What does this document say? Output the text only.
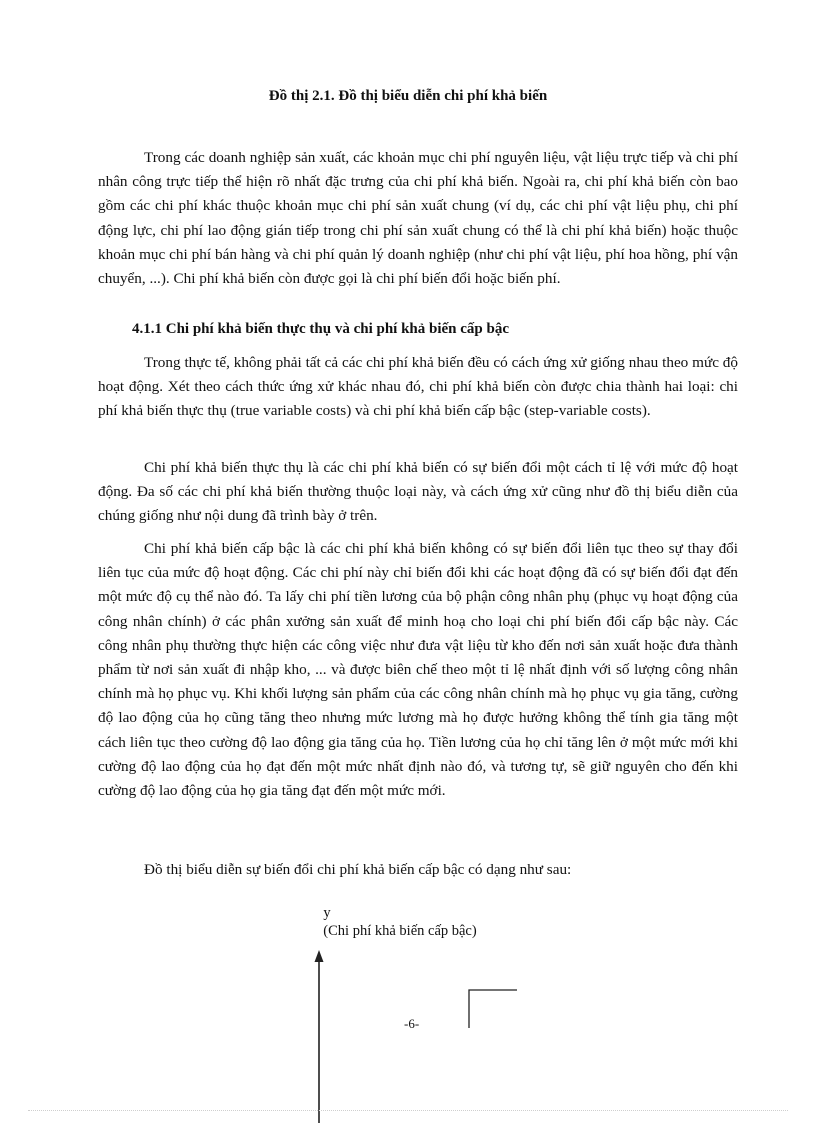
Đồ thị 2.1. Đồ thị biểu diễn chi phí khả biến

Trong các doanh nghiệp sản xuất, các khoản mục chi phí nguyên liệu, vật liệu trực tiếp và chi phí nhân công trực tiếp thể hiện rõ nhất đặc trưng của chi phí khả biến. Ngoài ra, chi phí khả biến còn bao gồm các chi phí khác thuộc khoản mục chi phí sản xuất chung (ví dụ, các chi phí vật liệu phụ, chi phí động lực, chi phí lao động gián tiếp trong chi phí sản xuất chung có thể là chi phí khả biến) hoặc thuộc khoản mục chi phí bán hàng và chi phí quản lý doanh nghiệp (như chi phí vật liệu, phí hoa hồng, phí vận chuyển, ...). Chi phí khả biến còn được gọi là chi phí biến đổi hoặc biến phí.

4.1.1 Chi phí khả biến thực thụ và chi phí khả biến cấp bậc

Trong thực tế, không phải tất cả các chi phí khả biến đều có cách ứng xử giống nhau theo mức độ hoạt động. Xét theo cách thức ứng xử khác nhau đó, chi phí khả biến còn được chia thành hai loại: chi phí khả biến thực thụ (true variable costs) và chi phí khả biến cấp bậc (step-variable costs).

Chi phí khả biến thực thụ là các chi phí khả biến có sự biến đổi một cách tỉ lệ với mức độ hoạt động. Đa số các chi phí khả biến thường thuộc loại này, và cách ứng xử cũng như đồ thị biểu diễn của chúng giống như nội dung đã trình bày ở trên.

Chi phí khả biến cấp bậc là các chi phí khả biến không có sự biến đổi liên tục theo sự thay đổi liên tục của mức độ hoạt động. Các chi phí này chỉ biến đổi khi các hoạt động đã có sự biến đổi đạt đến một mức độ cụ thể nào đó. Ta lấy chi phí tiền lương của bộ phận công nhân phụ (phục vụ hoạt động của công nhân chính) ở các phân xưởng sản xuất để minh hoạ cho loại chi phí biến đổi cấp bậc này. Các công nhân phụ thường thực hiện các công việc như đưa vật liệu từ kho đến nơi sản xuất hoặc đưa thành phẩm từ nơi sản xuất đi nhập kho, ... và được biên chế theo một tỉ lệ nhất định với số lượng công nhân chính mà họ phục vụ. Khi khối lượng sản phẩm của các công nhân chính mà họ phục vụ gia tăng, cường độ lao động của họ cũng tăng theo nhưng mức lương mà họ được hưởng không thể tính gia tăng một cách liên tục theo cường độ lao động gia tăng của họ. Tiền lương của họ chỉ tăng lên ở một mức mới khi cường độ lao động của họ đạt đến một mức nhất định nào đó, và tương tự, sẽ giữ nguyên cho đến khi cường độ lao động của họ gia tăng đạt đến một mức mới.

Đồ thị biểu diễn sự biến đổi chi phí khả biến cấp bậc có dạng như sau:

y
(Chi phí khả biến cấp bậc)
-6-
